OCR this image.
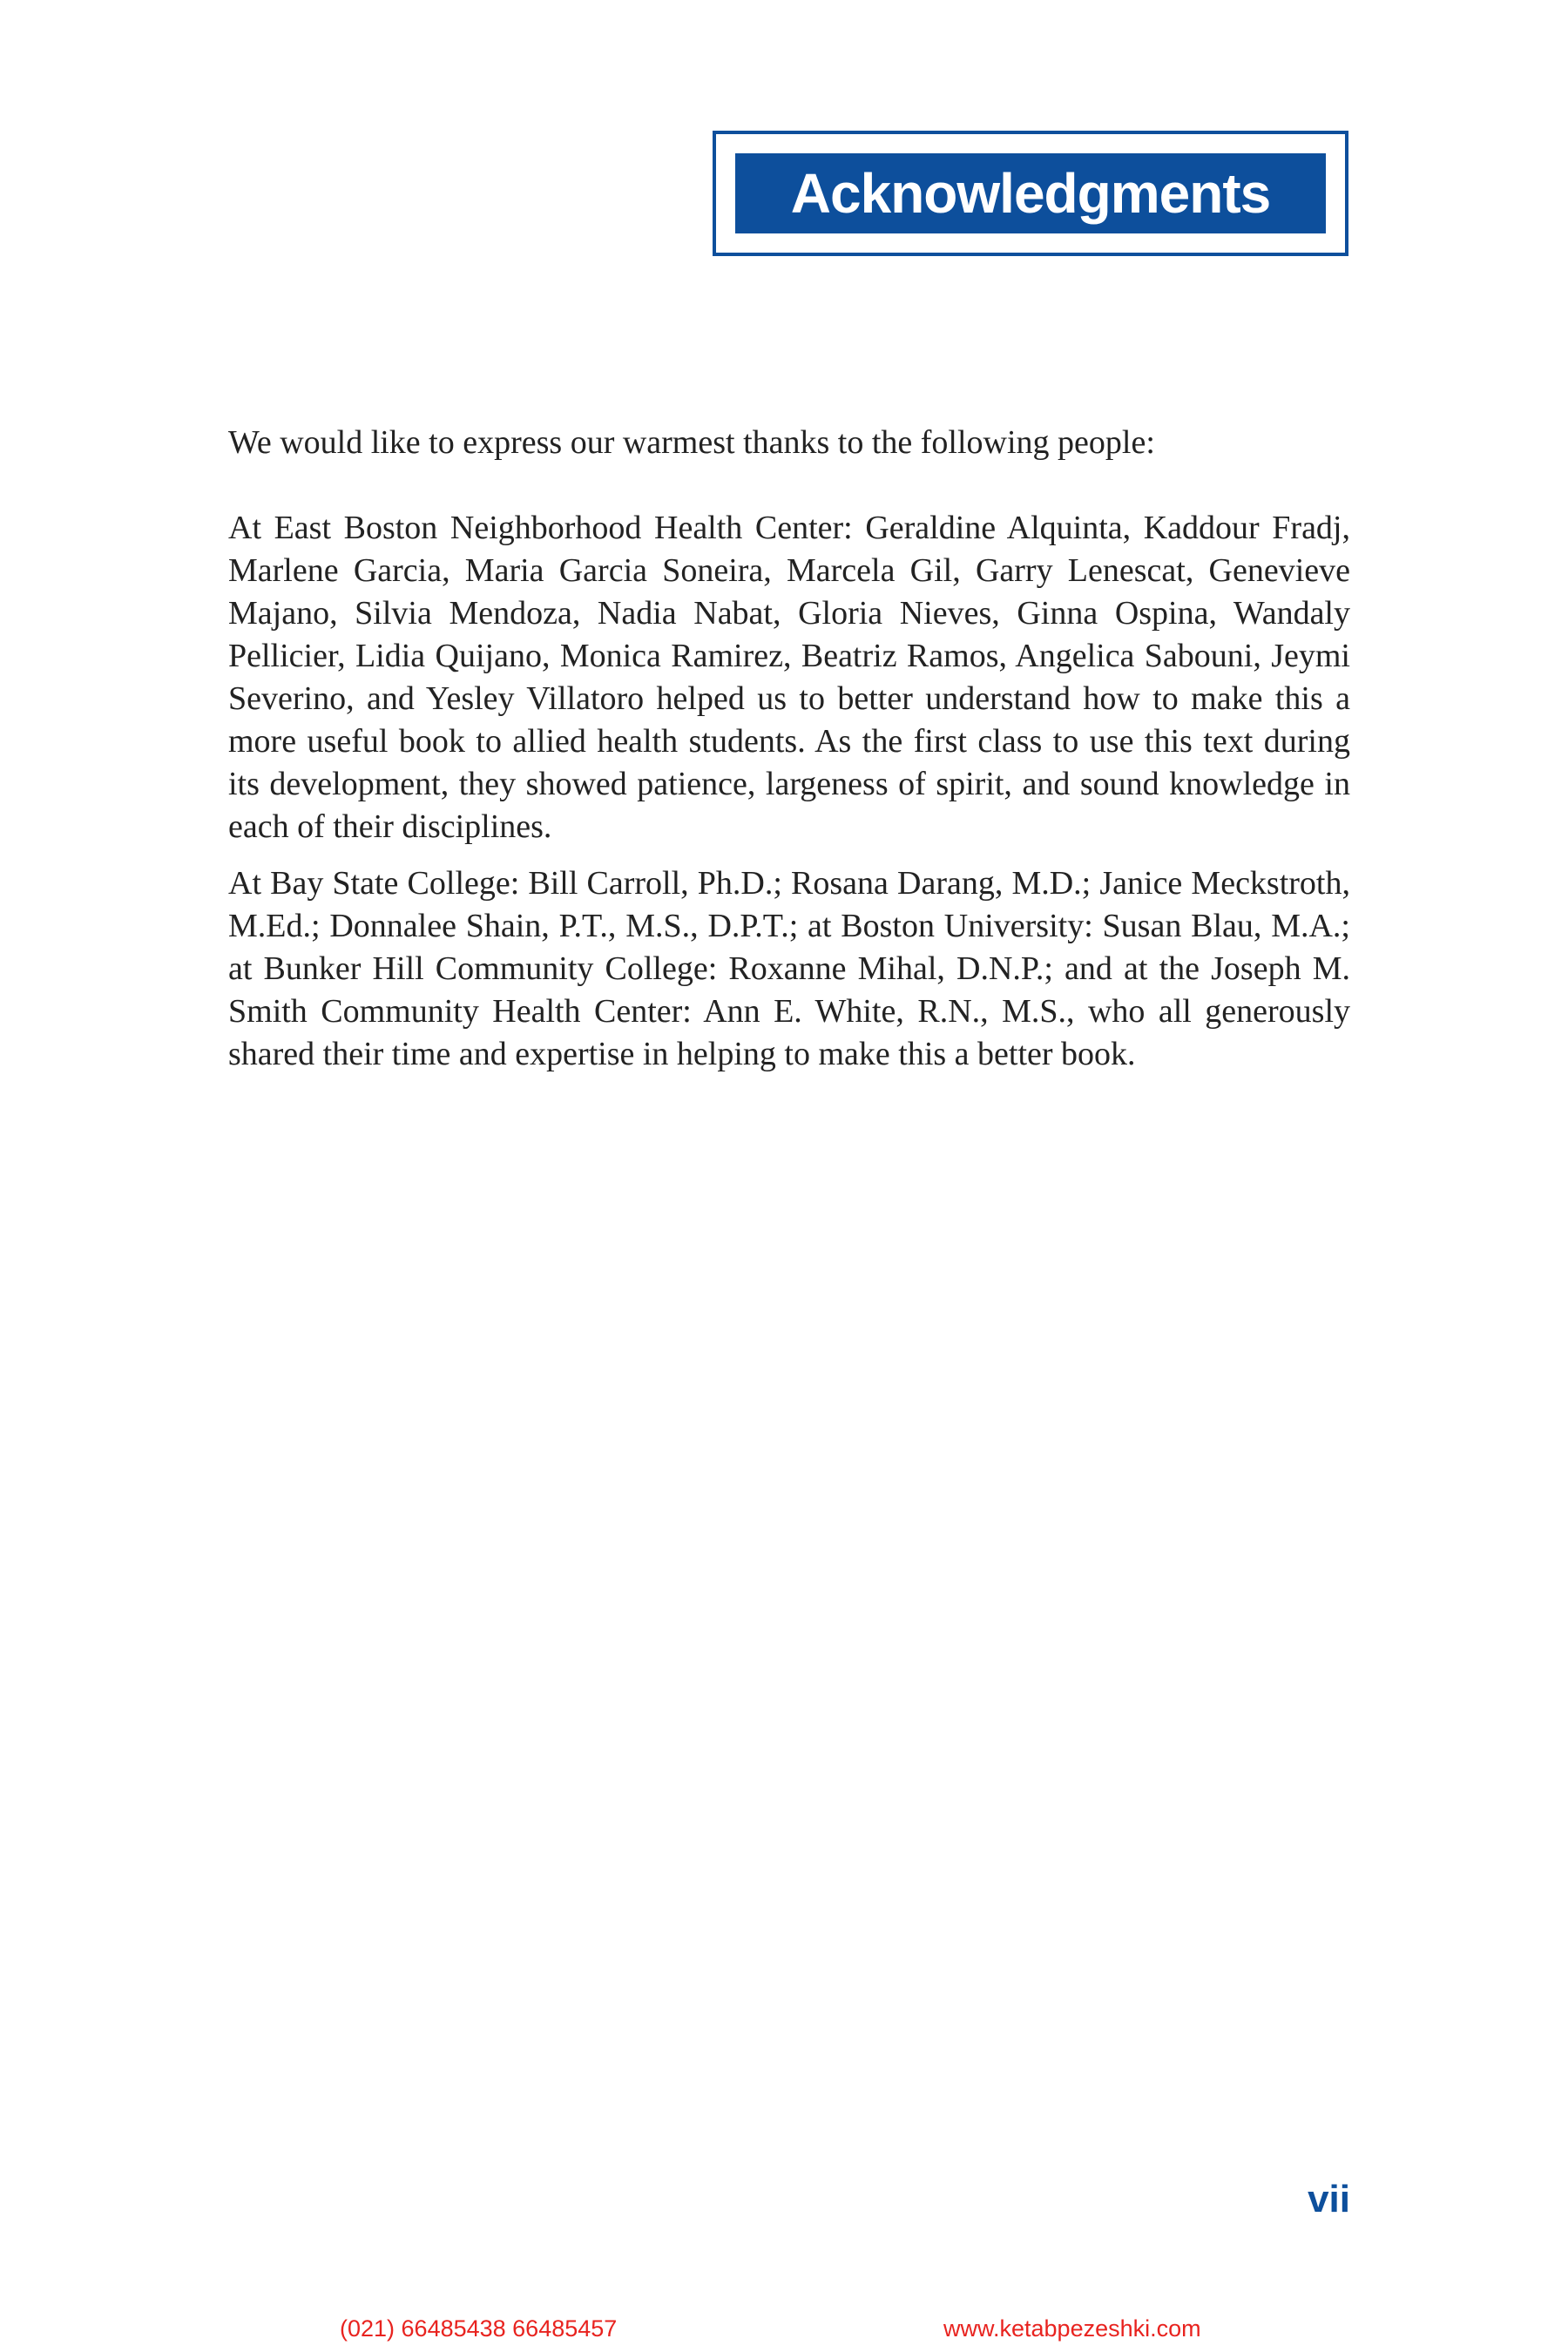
Acknowledgments

We would like to express our warmest thanks to the following people:

At East Boston Neighborhood Health Center: Geraldine Alquinta, Kaddour Fradj, Marlene Garcia, Maria Garcia Soneira, Marcela Gil, Garry Lenescat, Genevieve Majano, Silvia Mendoza, Nadia Nabat, Gloria Nieves, Ginna Ospina, Wandaly Pellicier, Lidia Quijano, Monica Ramirez, Beatriz Ramos, Angelica Sabouni, Jeymi Severino, and Yesley Villatoro helped us to better understand how to make this a more useful book to allied health students. As the first class to use this text during its development, they showed patience, largeness of spirit, and sound knowledge in each of their disciplines.

At Bay State College: Bill Carroll, Ph.D.; Rosana Darang, M.D.; Janice Meckstroth, M.Ed.; Donnalee Shain, P.T., M.S., D.P.T.; at Boston University: Susan Blau, M.A.; at Bunker Hill Community College: Roxanne Mihal, D.N.P.; and at the Joseph M. Smith Community Health Center: Ann E. White, R.N., M.S., who all generously shared their time and expertise in helping to make this a better book.

vii
(021) 66485438 66485457	www.ketabpezeshki.com
